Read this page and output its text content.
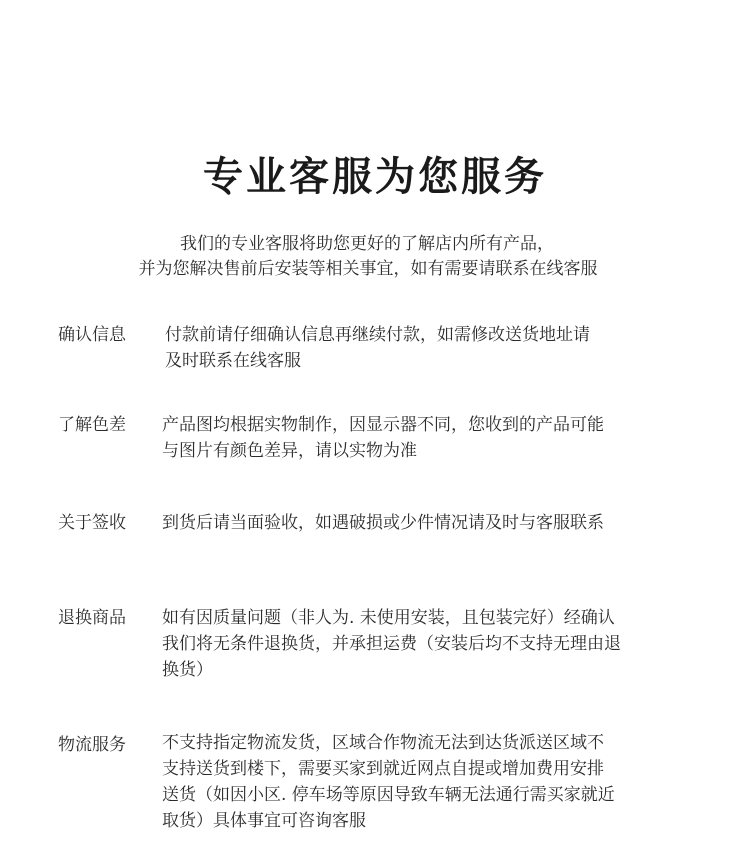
专业客服为您服务
我们的专业客服将助您更好的了解店内所有产品，
并为您解决售前后安装等相关事宜，如有需要请联系在线客服
确认信息 付款前请仔细确认信息再继续付款，如需修改送货地址请
及时联系在线客服
了解色差 产品图均根据实物制作，因显示器不同，您收到的产品可能
与图片有颜色差异，请以实物为准
关于签收 到货后请当面验收，如遇破损或少件情况请及时与客服联系
退换商品 如有因质量问题（非人为. 未使用安装，且包装完好）经确认
我们将无条件退换货，并承担运费（安装后均不支持无理由退
换货）
物流服务 不支持指定物流发货，区域合作物流无法到达货派送区域不
支持送货到楼下，需要买家到就近网点自提或增加费用安排
送货（如因小区. 停车场等原因导致车辆无法通行需买家就近
取货）具体事宜可咨询客服
